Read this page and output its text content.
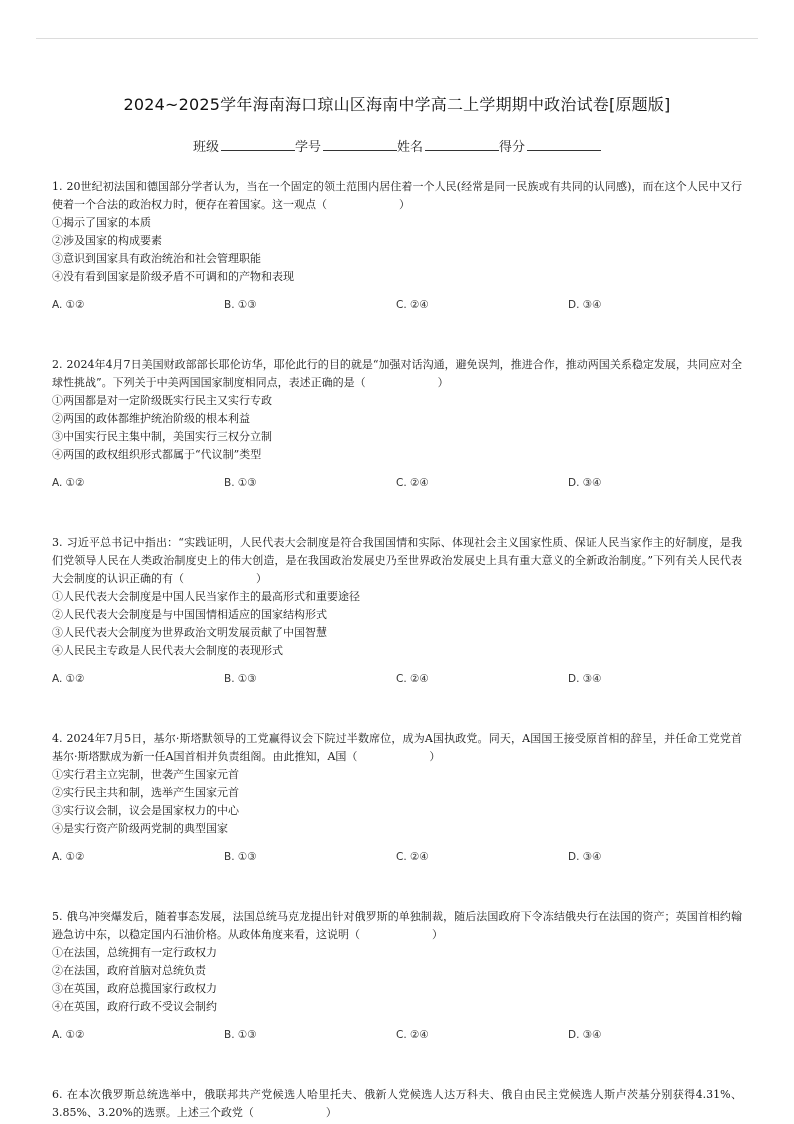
2024~2025学年海南海口琼山区海南中学高二上学期期中政治试卷[原题版]
班级	学号	姓名	得分

1. 20世纪初法国和德国部分学者认为，当在一个固定的领土范围内居住着一个人民(经常是同一民族或有共同的认同感)，而在这个人民中又行使着一个合法的政治权力时，便存在着国家。这一观点（	）

①揭示了国家的本质

②涉及国家的构成要素

③意识到国家具有政治统治和社会管理职能

④没有看到国家是阶级矛盾不可调和的产物和表现

A. ①②	B. ①③	C. ②④	D. ③④

2. 2024年4月7日美国财政部部长耶伦访华，耶伦此行的目的就是“加强对话沟通，避免误判，推进合作，推动两国关系稳定发展，共同应对全球性挑战”。下列关于中美两国国家制度相同点，表述正确的是（	）

①两国都是对一定阶级既实行民主又实行专政

②两国的政体都维护统治阶级的根本利益

③中国实行民主集中制，美国实行三权分立制

④两国的政权组织形式都属于“代议制”类型

A. ①②	B. ①③	C. ②④	D. ③④

3. 习近平总书记中指出：“实践证明，人民代表大会制度是符合我国国情和实际、体现社会主义国家性质、保证人民当家作主的好制度，是我们党领导人民在人类政治制度史上的伟大创造，是在我国政治发展史乃至世界政治发展史上具有重大意义的全新政治制度。”下列有关人民代表大会制度的认识正确的有（	）

①人民代表大会制度是中国人民当家作主的最高形式和重要途径

②人民代表大会制度是与中国国情相适应的国家结构形式

③人民代表大会制度为世界政治文明发展贡献了中国智慧

④人民民主专政是人民代表大会制度的表现形式

A. ①②	B. ①③	C. ②④	D. ③④

4. 2024年7月5日，基尔·斯塔默领导的工党赢得议会下院过半数席位，成为A国执政党。同天，A国国王接受原首相的辞呈，并任命工党党首基尔·斯塔默成为新一任A国首相并负责组阁。由此推知，A国（	）

①实行君主立宪制，世袭产生国家元首

②实行民主共和制，选举产生国家元首

③实行议会制，议会是国家权力的中心

④是实行资产阶级两党制的典型国家

A. ①②	B. ①③	C. ②④	D. ③④

5. 俄乌冲突爆发后，随着事态发展，法国总统马克龙提出针对俄罗斯的单独制裁，随后法国政府下令冻结俄央行在法国的资产；英国首相约翰逊急访中东，以稳定国内石油价格。从政体角度来看，这说明（	）

①在法国，总统拥有一定行政权力

②在法国，政府首脑对总统负责

③在英国，政府总揽国家行政权力

④在英国，政府行政不受议会制约

A. ①②	B. ①③	C. ②④	D. ③④

6. 在本次俄罗斯总统选举中，俄联邦共产党候选人哈里托夫、俄新人党候选人达万科夫、俄自由民主党候选人斯卢茨基分别获得4.31%、3.85%、3.20%的选票。上述三个政党（	）
